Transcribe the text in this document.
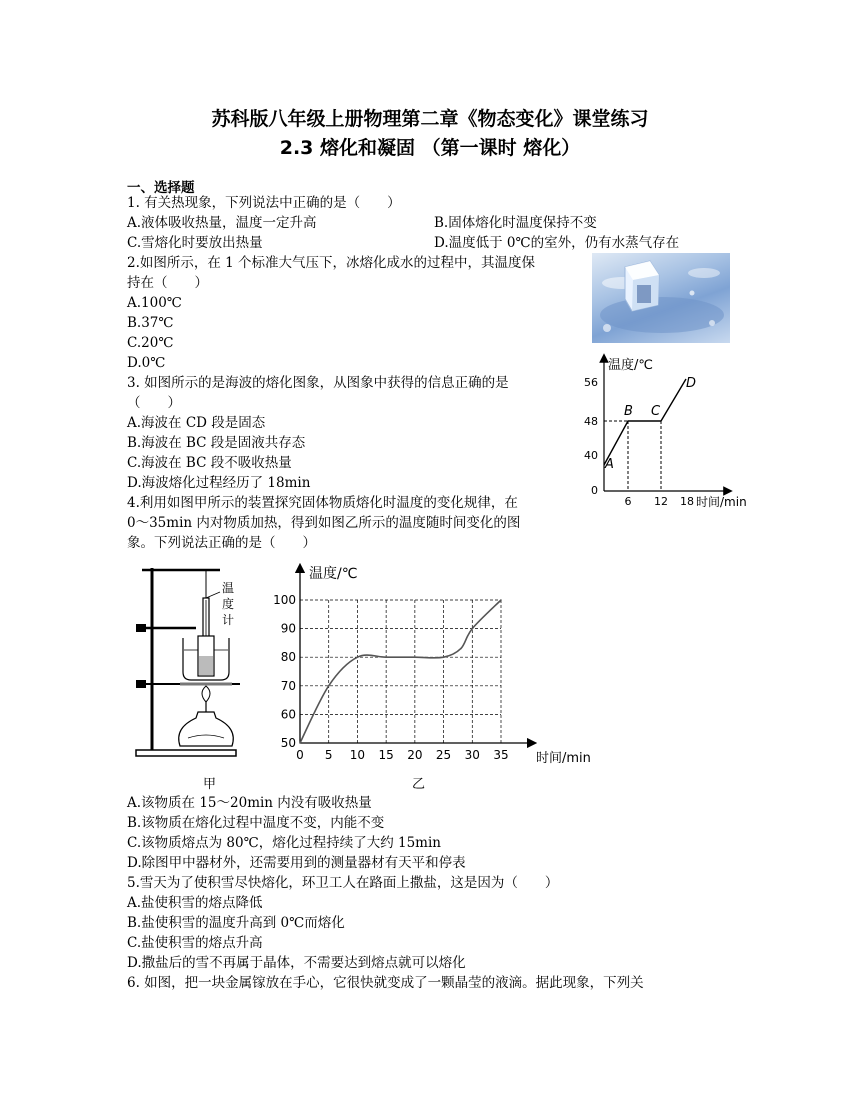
苏科版八年级上册物理第二章《物态变化》课堂练习
2.3 熔化和凝固 （第一课时 熔化）
一、选择题
1. 有关热现象，下列说法中正确的是（　　）
A.液体吸收热量，温度一定升高	B.固体熔化时温度保持不变
C.雪熔化时要放出热量	D.温度低于 0℃的室外，仍有水蒸气存在
2.如图所示，在 1 个标准大气压下，冰熔化成水的过程中，其温度保
持在（　　）
A.100℃
B.37℃
C.20℃
D.0℃
3. 如图所示的是海波的熔化图象，从图象中获得的信息正确的是
（　　）
A.海波在 CD 段是固态
B.海波在 BC 段是固液共存态
C.海波在 BC 段不吸收热量
D.海波熔化过程经历了 18min
温度/℃
时间/min
56
48
40
0
6 12 18
A
B C
D
4.利用如图甲所示的装置探究固体物质熔化时温度的变化规律，在
0～35min 内对物质加热，得到如图乙所示的温度随时间变化的图
象。下列说法正确的是（　　）
温
度
计
甲
温度/℃
时间/min
0 5 10 15 20 25 30 35
50
60
70
80
90
100
乙
A.该物质在 15～20min 内没有吸收热量
B.该物质在熔化过程中温度不变，内能不变
C.该物质熔点为 80℃，熔化过程持续了大约 15min
D.除图甲中器材外，还需要用到的测量器材有天平和停表
5.雪天为了使积雪尽快熔化，环卫工人在路面上撒盐，这是因为（　　）
A.盐使积雪的熔点降低
B.盐使积雪的温度升高到 0℃而熔化
C.盐使积雪的熔点升高
D.撒盐后的雪不再属于晶体，不需要达到熔点就可以熔化
6. 如图，把一块金属镓放在手心，它很快就变成了一颗晶莹的液滴。据此现象，下列关
